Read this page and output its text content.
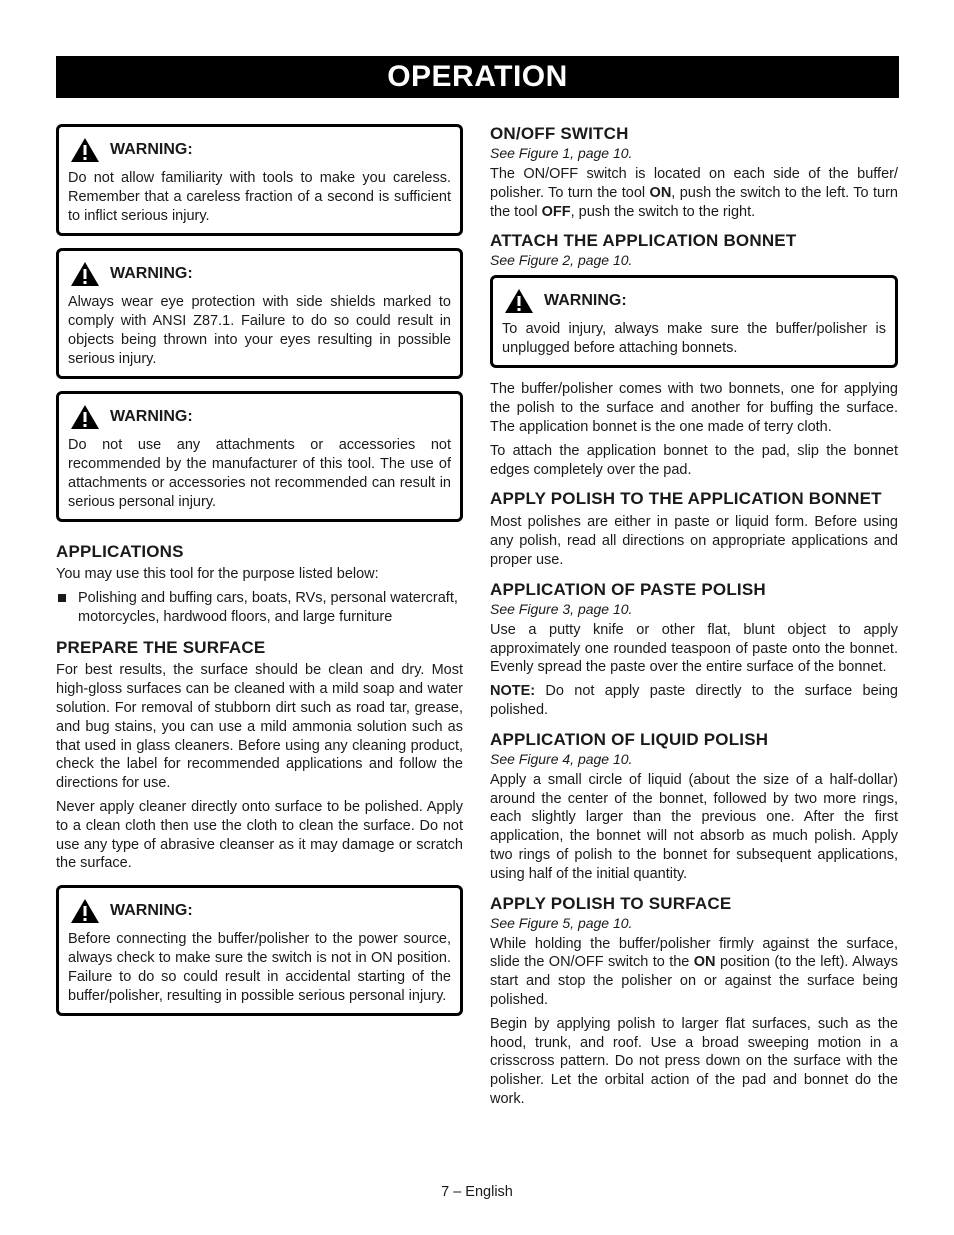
OPERATION
WARNING:
Do not allow familiarity with tools to make you careless. Remember that a careless fraction of a second is sufficient to inflict serious injury.
WARNING:
Always wear eye protection with side shields marked to comply with ANSI Z87.1. Failure to do so could result in objects being thrown into your eyes resulting in possible serious injury.
WARNING:
Do not use any attachments or accessories not recommended by the manufacturer of this tool. The use of attachments or accessories not recommended can result in serious personal injury.
APPLICATIONS

You may use this tool for the purpose listed below:

Polishing and buffing cars, boats, RVs, personal watercraft, motorcycles, hardwood floors, and large furniture
PREPARE THE SURFACE

For best results, the surface should be clean and dry. Most high-gloss surfaces can be cleaned with a mild soap and water solution. For removal of stubborn dirt such as road tar, grease, and bug stains, you can use a mild ammonia solution such as that used in glass cleaners. Before using any cleaning product, check the label for recommended applications and follow the directions for use.

Never apply cleaner directly onto surface to be polished. Apply to a clean cloth then use the cloth to clean the surface. Do not use any type of abrasive cleanser as it may damage or scratch the surface.

WARNING:
Before connecting the buffer/polisher to the power source, always check to make sure the switch is not in ON position. Failure to do so could result in accidental starting of the buffer/polisher, resulting in possible serious personal injury.
ON/OFF SWITCH
See Figure 1, page 10.

The ON/OFF switch is located on each side of the buffer/ polisher. To turn the tool ON, push the switch to the left. To turn the tool OFF, push the switch to the right.

ATTACH THE APPLICATION BONNET
See Figure 2, page 10.
WARNING:
To avoid injury, always make sure the buffer/polisher is unplugged before attaching bonnets.

The buffer/polisher comes with two bonnets, one for applying the polish to the surface and another for buffing the surface. The application bonnet is the one made of terry cloth.

To attach the application bonnet to the pad, slip the bonnet edges completely over the pad.

APPLY POLISH TO THE APPLICATION BONNET

Most polishes are either in paste or liquid form. Before using any polish, read all directions on appropriate applications and proper use.

APPLICATION OF PASTE POLISH
See Figure 3, page 10.

Use a putty knife or other flat, blunt object to apply approximately one rounded teaspoon of paste onto the bonnet. Evenly spread the paste over the entire surface of the bonnet.

NOTE: Do not apply paste directly to the surface being polished.

APPLICATION OF LIQUID POLISH
See Figure 4, page 10.

Apply a small circle of liquid (about the size of a half-dollar) around the center of the bonnet, followed by two more rings, each slightly larger than the previous one. After the first application, the bonnet will not absorb as much polish. Apply two rings of polish to the bonnet for subsequent applications, using half of the initial quantity.

APPLY POLISH TO SURFACE
See Figure 5, page 10.

While holding the buffer/polisher firmly against the surface, slide the ON/OFF switch to the ON position (to the left). Always start and stop the polisher on or against the surface being polished.

Begin by applying polish to larger flat surfaces, such as the hood, trunk, and roof. Use a broad sweeping motion in a crisscross pattern. Do not press down on the surface with the polisher. Let the orbital action of the pad and bonnet do the work.

7 – English
